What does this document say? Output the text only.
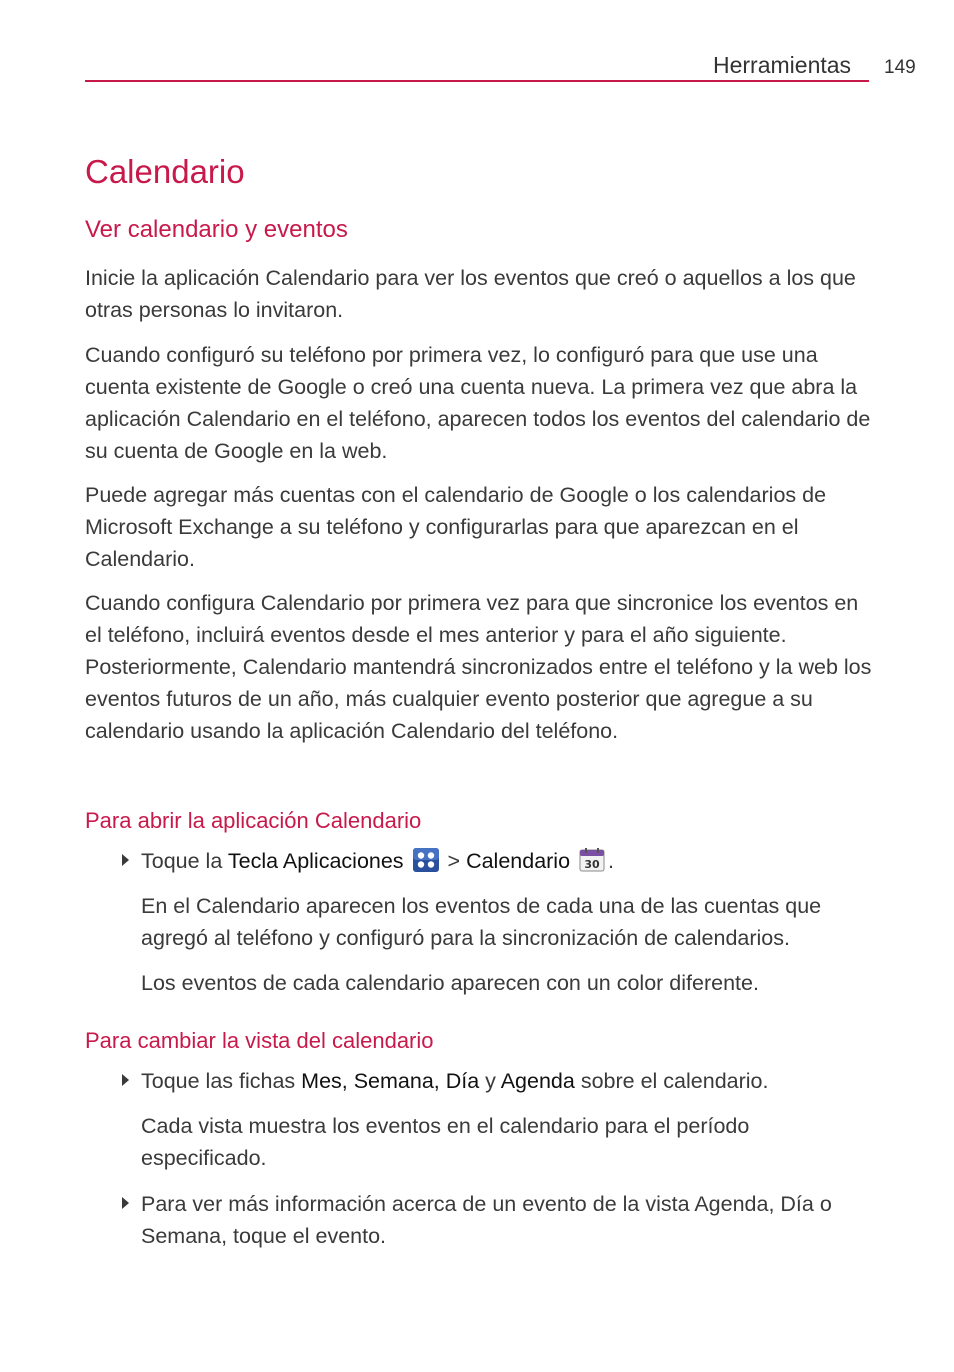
Herramientas 149
Calendario
Ver calendario y eventos

Inicie la aplicación Calendario para ver los eventos que creó o aquellos a los que otras personas lo invitaron.

Cuando configuró su teléfono por primera vez, lo configuró para que use una cuenta existente de Google o creó una cuenta nueva. La primera vez que abra la aplicación Calendario en el teléfono, aparecen todos los eventos del calendario de su cuenta de Google en la web.

Puede agregar más cuentas con el calendario de Google o los calendarios de Microsoft Exchange a su teléfono y configurarlas para que aparezcan en el Calendario.

Cuando configura Calendario por primera vez para que sincronice los eventos en el teléfono, incluirá eventos desde el mes anterior y para el año siguiente. Posteriormente, Calendario mantendrá sincronizados entre el teléfono y la web los eventos futuros de un año, más cualquier evento posterior que agregue a su calendario usando la aplicación Calendario del teléfono.

Para abrir la aplicación Calendario

Toque la Tecla Aplicaciones  > Calendario 30 .

En el Calendario aparecen los eventos de cada una de las cuentas que agregó al teléfono y configuró para la sincronización de calendarios.

Los eventos de cada calendario aparecen con un color diferente.

Para cambiar la vista del calendario

Toque las fichas Mes, Semana, Día y Agenda sobre el calendario.

Cada vista muestra los eventos en el calendario para el período especificado.

Para ver más información acerca de un evento de la vista Agenda, Día o Semana, toque el evento.
